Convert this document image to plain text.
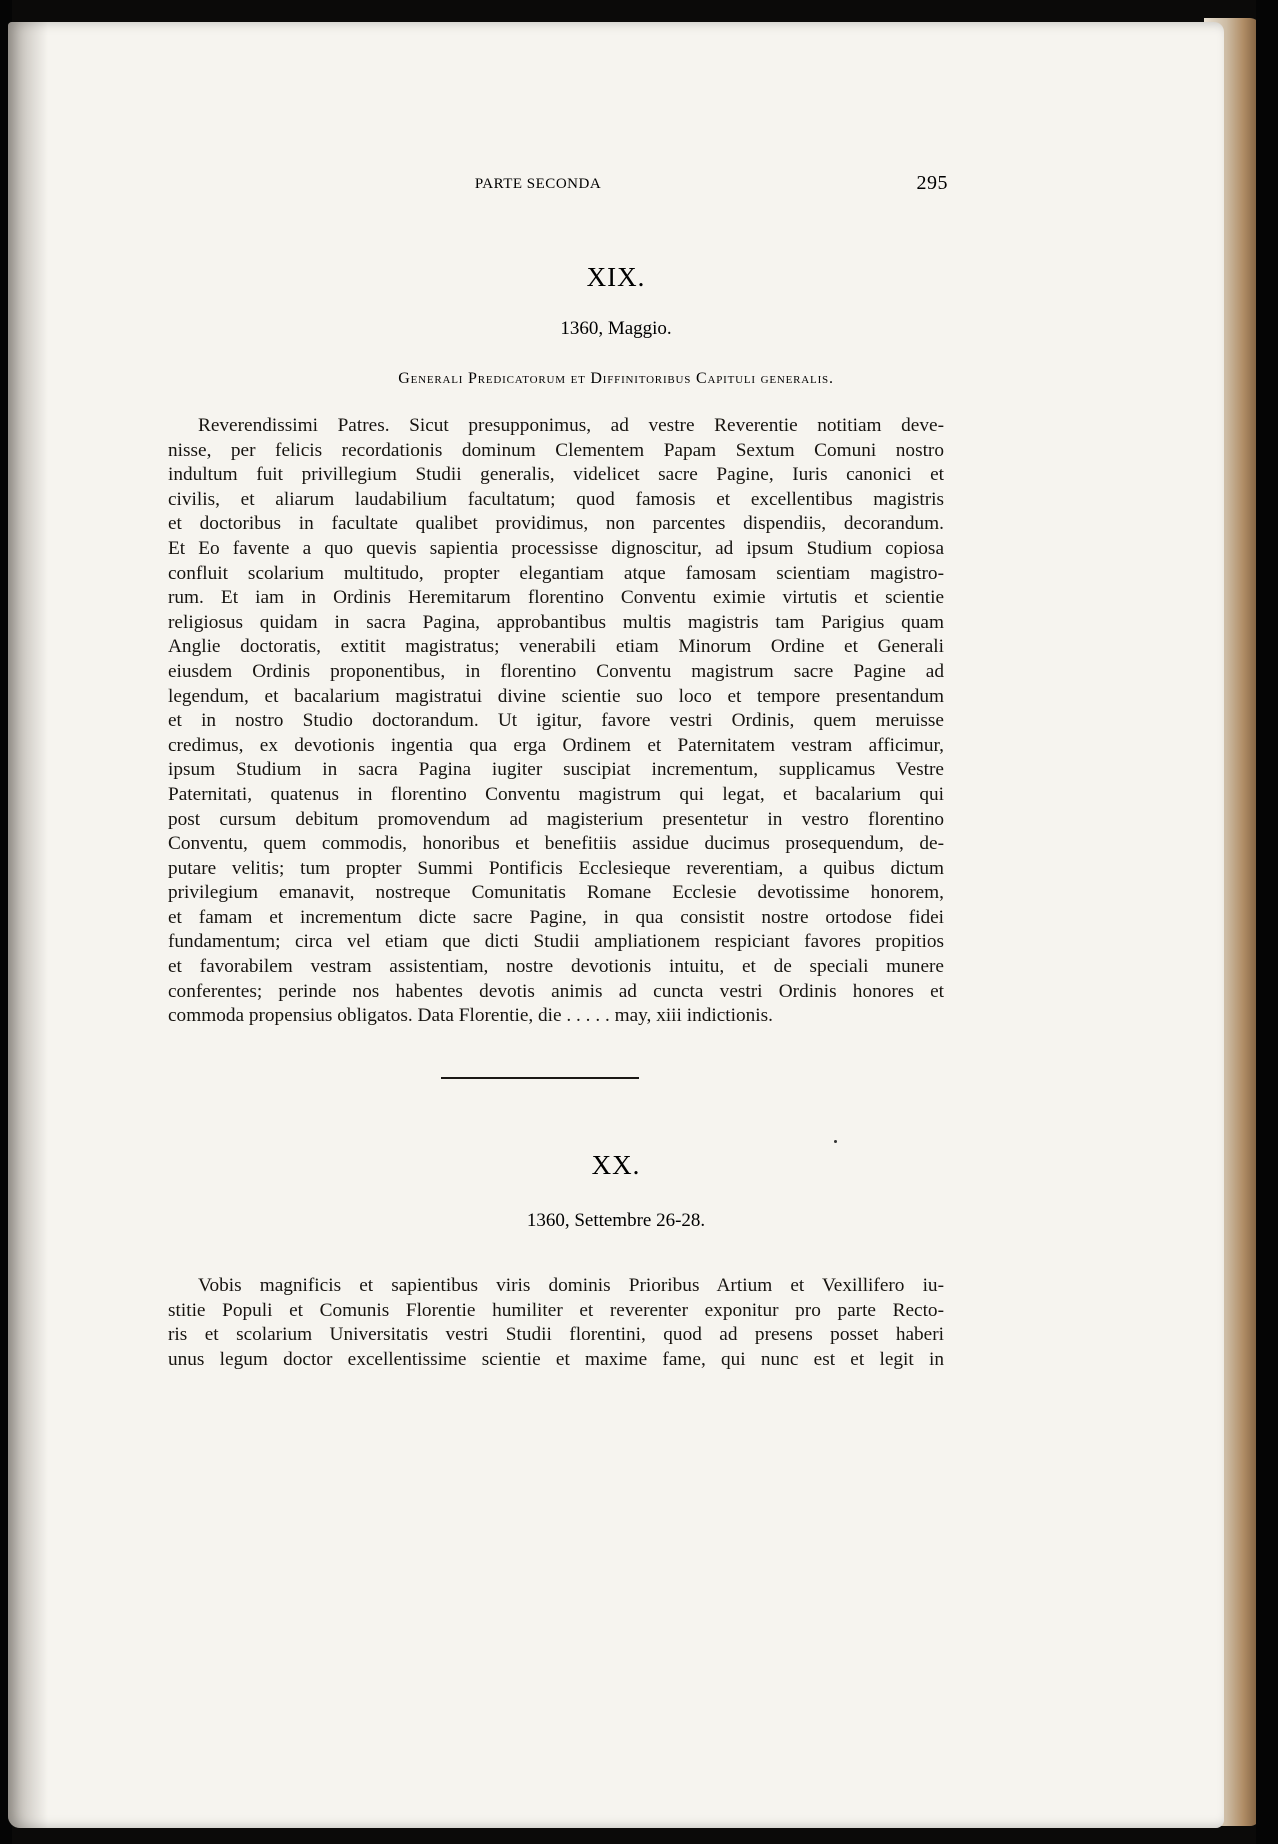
PARTE SECONDA	295
XIX.
1360, Maggio.
Generali Predicatorum et Diffinitoribus Capituli generalis.
Reverendissimi Patres. Sicut presupponimus, ad vestre Reverentie notitiam deve-
nisse, per felicis recordationis dominum Clementem Papam Sextum Comuni nostro
indultum fuit privillegium Studii generalis, videlicet sacre Pagine, Iuris canonici et
civilis, et aliarum laudabilium facultatum; quod famosis et excellentibus magistris
et doctoribus in facultate qualibet providimus, non parcentes dispendiis, decorandum.
Et Eo favente a quo quevis sapientia processisse dignoscitur, ad ipsum Studium copiosa
confluit scolarium multitudo, propter elegantiam atque famosam scientiam magistro-
rum. Et iam in Ordinis Heremitarum florentino Conventu eximie virtutis et scientie
religiosus quidam in sacra Pagina, approbantibus multis magistris tam Parigius quam
Anglie doctoratis, extitit magistratus; venerabili etiam Minorum Ordine et Generali
eiusdem Ordinis proponentibus, in florentino Conventu magistrum sacre Pagine ad
legendum, et bacalarium magistratui divine scientie suo loco et tempore presentandum
et in nostro Studio doctorandum. Ut igitur, favore vestri Ordinis, quem meruisse
credimus, ex devotionis ingentia qua erga Ordinem et Paternitatem vestram afficimur,
ipsum Studium in sacra Pagina iugiter suscipiat incrementum, supplicamus Vestre
Paternitati, quatenus in florentino Conventu magistrum qui legat, et bacalarium qui
post cursum debitum promovendum ad magisterium presentetur in vestro florentino
Conventu, quem commodis, honoribus et benefitiis assidue ducimus prosequendum, de-
putare velitis; tum propter Summi Pontificis Ecclesieque reverentiam, a quibus dictum
privilegium emanavit, nostreque Comunitatis Romane Ecclesie devotissime honorem,
et famam et incrementum dicte sacre Pagine, in qua consistit nostre ortodose fidei
fundamentum; circa vel etiam que dicti Studii ampliationem respiciant favores propitios
et favorabilem vestram assistentiam, nostre devotionis intuitu, et de speciali munere
conferentes; perinde nos habentes devotis animis ad cuncta vestri Ordinis honores et
commoda propensius obligatos. Data Florentie, die . . . . . may, xiii indictionis.
XX.
1360, Settembre 26-28.
Vobis magnificis et sapientibus viris dominis Prioribus Artium et Vexillifero iu-
stitie Populi et Comunis Florentie humiliter et reverenter exponitur pro parte Recto-
ris et scolarium Universitatis vestri Studii florentini, quod ad presens posset haberi
unus legum doctor excellentissime scientie et maxime fame, qui nunc est et legit in
